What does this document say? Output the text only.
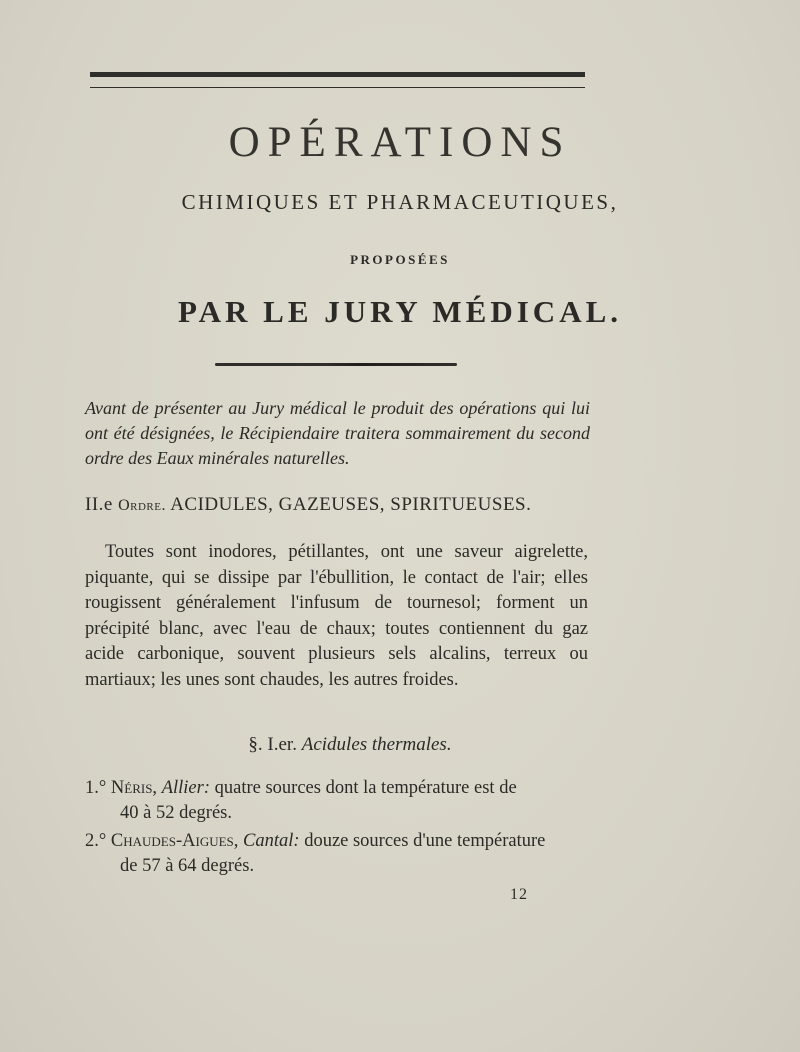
OPÉRATIONS
CHIMIQUES ET PHARMACEUTIQUES,
PROPOSÉES
PAR LE JURY MÉDICAL.
Avant de présenter au Jury médical le produit des opérations qui lui ont été désignées, le Récipiendaire traitera sommairement du second ordre des Eaux minérales naturelles.
II.e Ordre. ACIDULES, GAZEUSES, SPIRITUEUSES.
Toutes sont inodores, pétillantes, ont une saveur aigrelette, piquante, qui se dissipe par l'ébullition, le contact de l'air; elles rougissent généralement l'infusum de tournesol; forment un précipité blanc, avec l'eau de chaux; toutes contiennent du gaz acide carbonique, souvent plusieurs sels alcalins, terreux ou martiaux; les unes sont chaudes, les autres froides.
§. I.er. Acidules thermales.
1.° Néris, Allier: quatre sources dont la température est de
40 à 52 degrés.
2.° Chaudes-Aigues, Cantal: douze sources d'une température
de 57 à 64 degrés.
12
